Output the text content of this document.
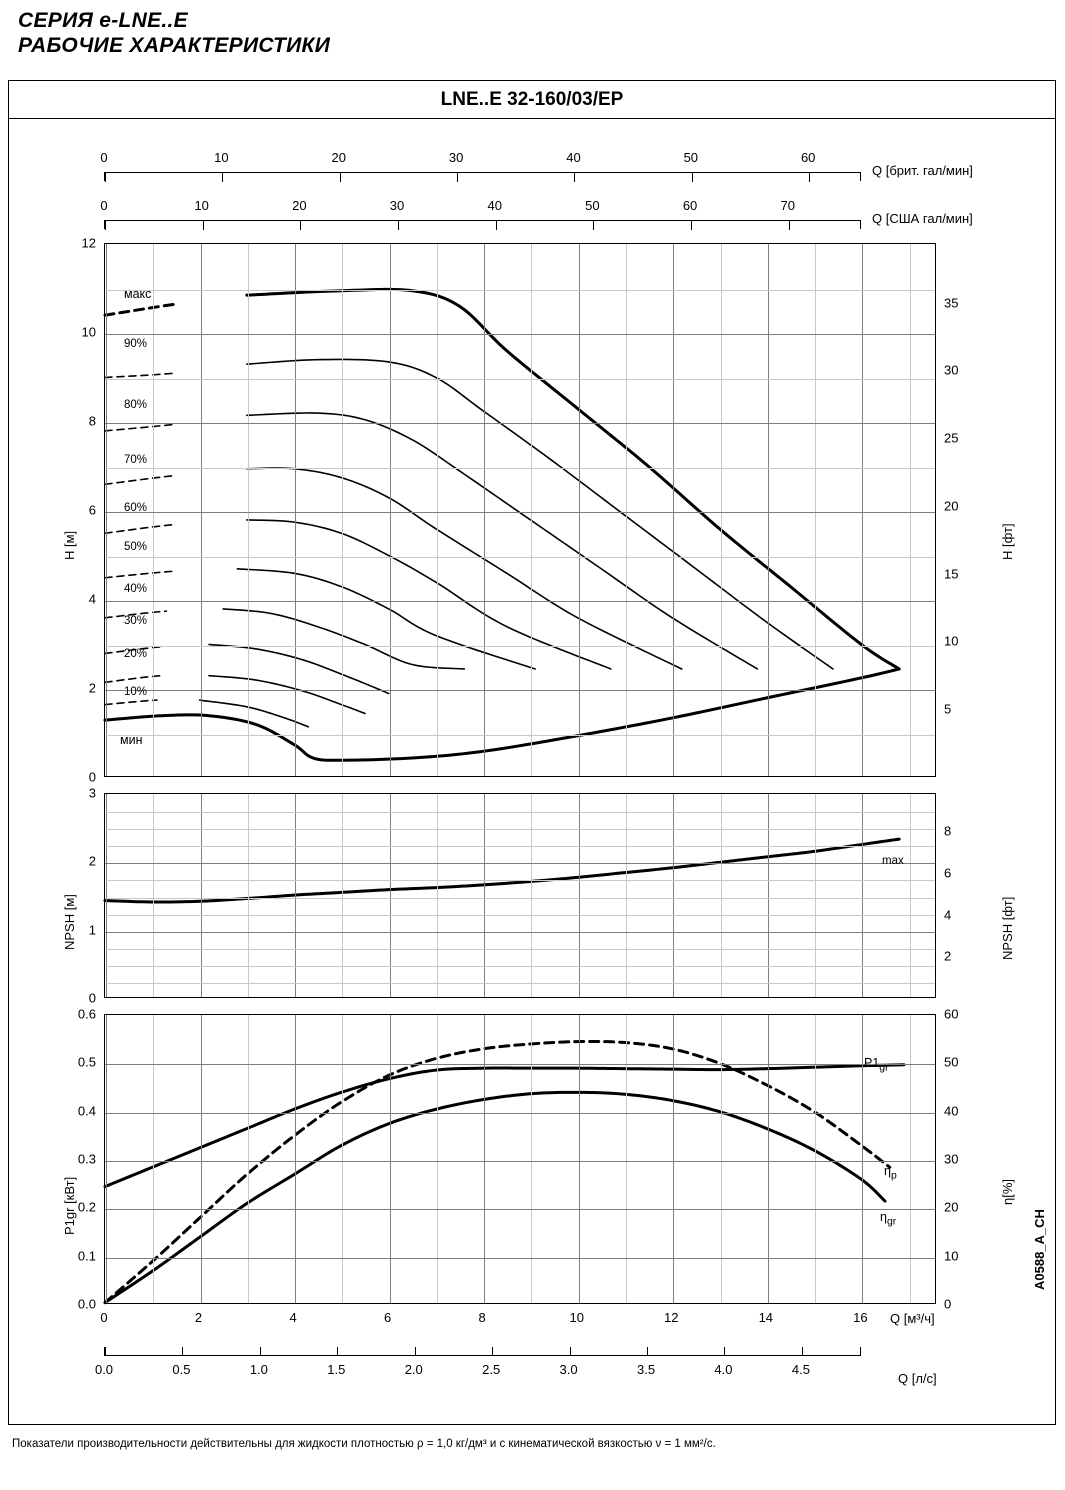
СЕРИЯ e-LNE..E
РАБОЧИЕ ХАРАКТЕРИСТИКИ
LNE..E 32-160/03/EP
0	10	20	30	40	50	60
Q [брит. гал/мин]
0	10	20	30	40	50	60	70
Q [США гал/мин]
0
2
4
6
8
10
12
5
10
15
20
25
30
35
H [м]	H [фт]
макс
90%
80%
70%
60%
50%
40%
30%
20%
10%
мин
0
1
2
3
2
4
6
8
NPSH [м]	NPSH [фт]
max
0.0
0.1
0.2
0.3
0.4
0.5
0.6
0
10
20
30
40
50
60
P1gr [кВт]	η[%]
$P1_{gr}$
$\eta_p$
$\eta_{gr}$
0	2	4	6	8	10	12	14	16 Q [м³/ч]
0.0	0.5	1.0	1.5	2.0	2.5	3.0	3.5	4.0	4.5
Q [л/с]
A0588_A_CH
Показатели производительности действительны для жидкости плотностью ρ = 1,0 кг/дм³ и с кинематической вязкостью ν = 1 мм²/с.
